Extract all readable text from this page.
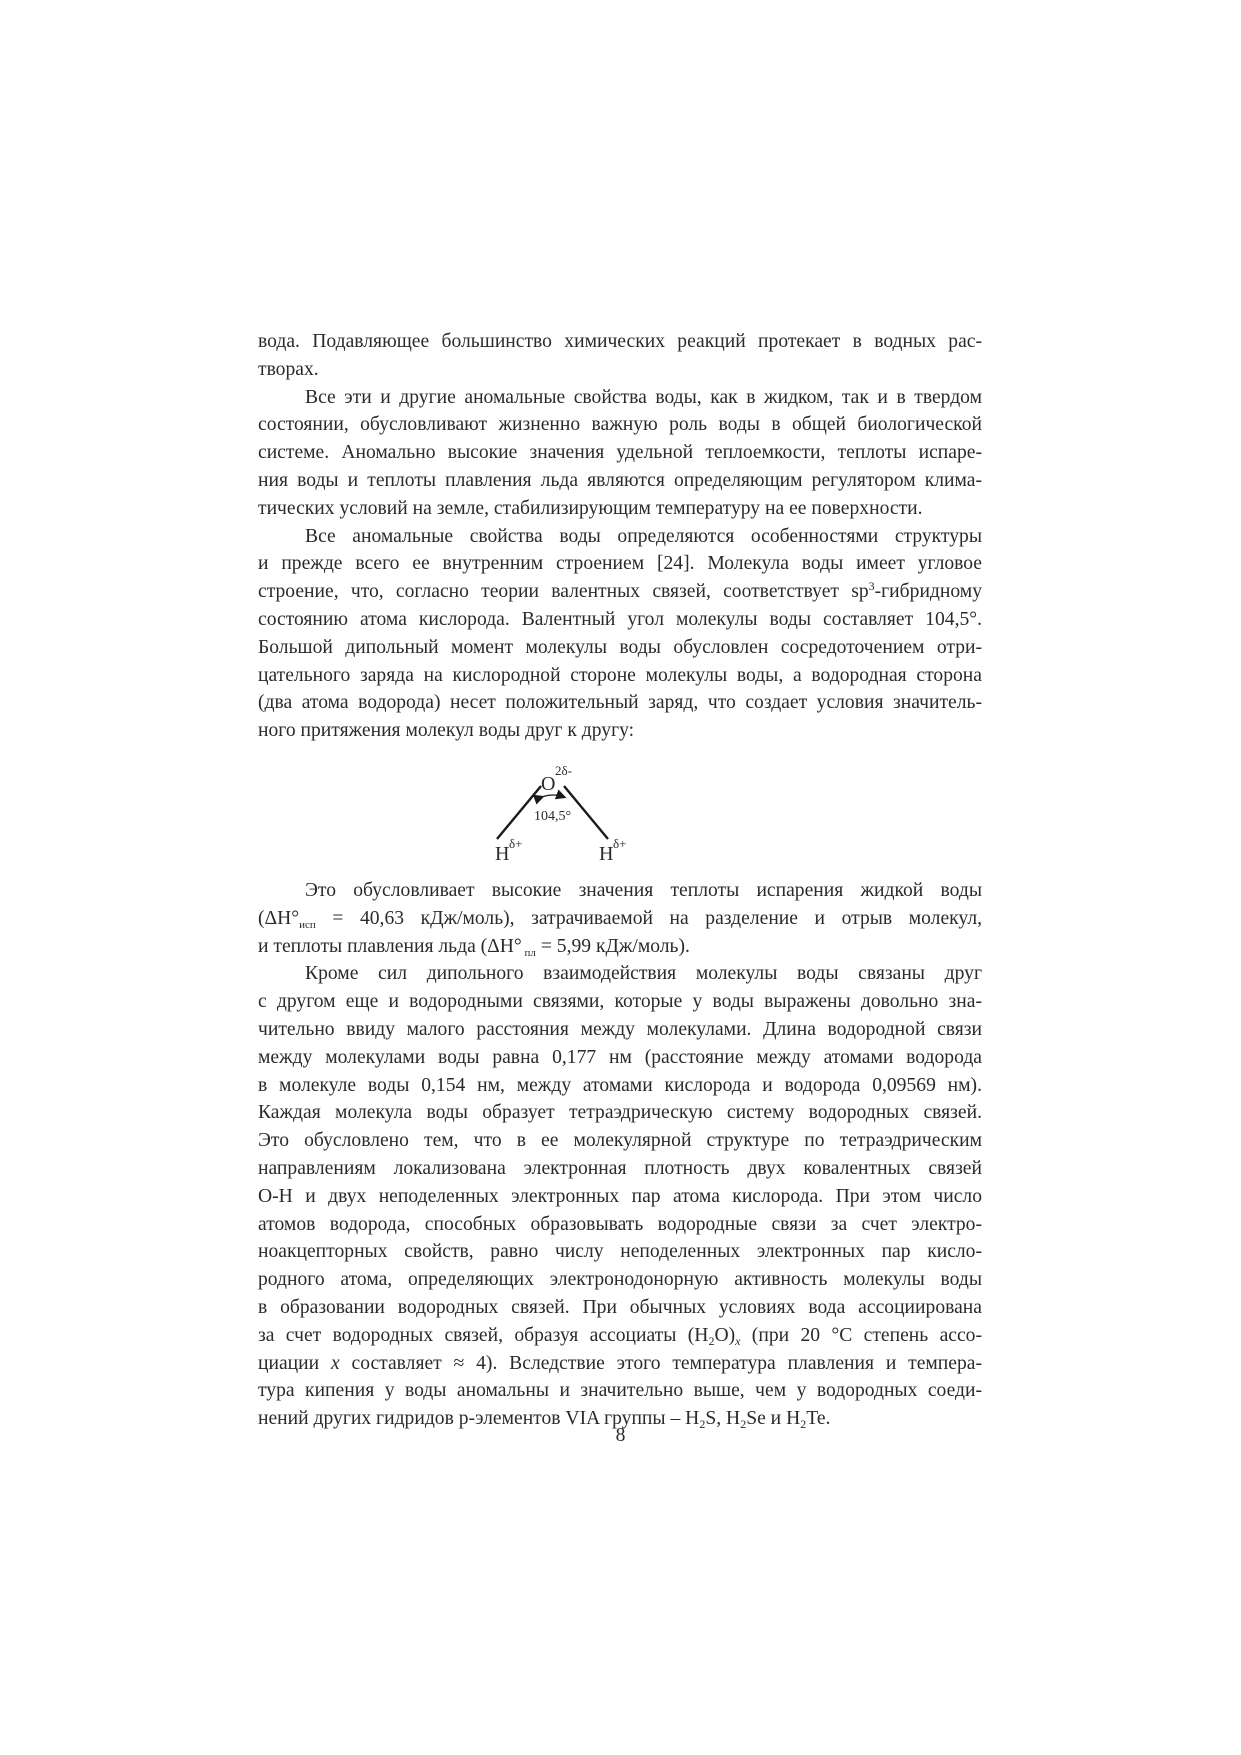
вода. Подавляющее большинство химических реакций протекает в водных рас-

творах.

Все эти и другие аномальные свойства воды, как в жидком, так и в твердом

состоянии, обусловливают жизненно важную роль воды в общей биологической

системе. Аномально высокие значения удельной теплоемкости, теплоты испаре-

ния воды и теплоты плавления льда являются определяющим регулятором клима-

тических условий на земле, стабилизирующим температуру на ее поверхности.

Все аномальные свойства воды определяются особенностями структуры

и прежде всего ее внутренним строением [24]. Молекула воды имеет угловое

строение, что, согласно теории валентных связей, соответствует $sp^3$-гибридному

состоянию атома кислорода. Валентный угол молекулы воды составляет 104,5°.

Большой дипольный момент молекулы воды обусловлен сосредоточением отри-

цательного заряда на кислородной стороне молекулы воды, а водородная сторона

(два атома водорода) несет положительный заряд, что создает условия значитель-

ного притяжения молекул воды друг к другу:

O
2δ-
104,5°
H δ+	H δ+

Это обусловливает высокие значения теплоты испарения жидкой воды

($\Delta H^\circ_{исп} = 40,63$ кДж/моль), затрачиваемой на разделение и отрыв молекул,

и теплоты плавления льда (ΔH° $_{пл}$ = 5,99 кДж/моль).

Кроме сил дипольного взаимодействия молекулы воды связаны друг

с другом еще и водородными связями, которые у воды выражены довольно зна-

чительно ввиду малого расстояния между молекулами. Длина водородной связи

между молекулами воды равна 0,177 нм (расстояние между атомами водорода

в молекуле воды 0,154 нм, между атомами кислорода и водорода 0,09569 нм).

Каждая молекула воды образует тетраэдрическую систему водородных связей.

Это обусловлено тем, что в ее молекулярной структуре по тетраэдрическим

направлениям локализована электронная плотность двух ковалентных связей

O-H и двух неподеленных электронных пар атома кислорода. При этом число

атомов водорода, способных образовывать водородные связи за счет электро-

ноакцепторных свойств, равно числу неподеленных электронных пар кисло-

родного атома, определяющих электронодонорную активность молекулы воды

в образовании водородных связей. При обычных условиях вода ассоциирована

за счет водородных связей, образуя ассоциаты $(H_2O)_x$ (при 20 °C степень ассо-

циации x составляет ≈ 4). Вследствие этого температура плавления и темпера-

тура кипения у воды аномальны и значительно выше, чем у водородных соеди-

нений других гидридов p-элементов VIA группы – $H_2S$, $H_2Se$ и $H_2Te$.

8
